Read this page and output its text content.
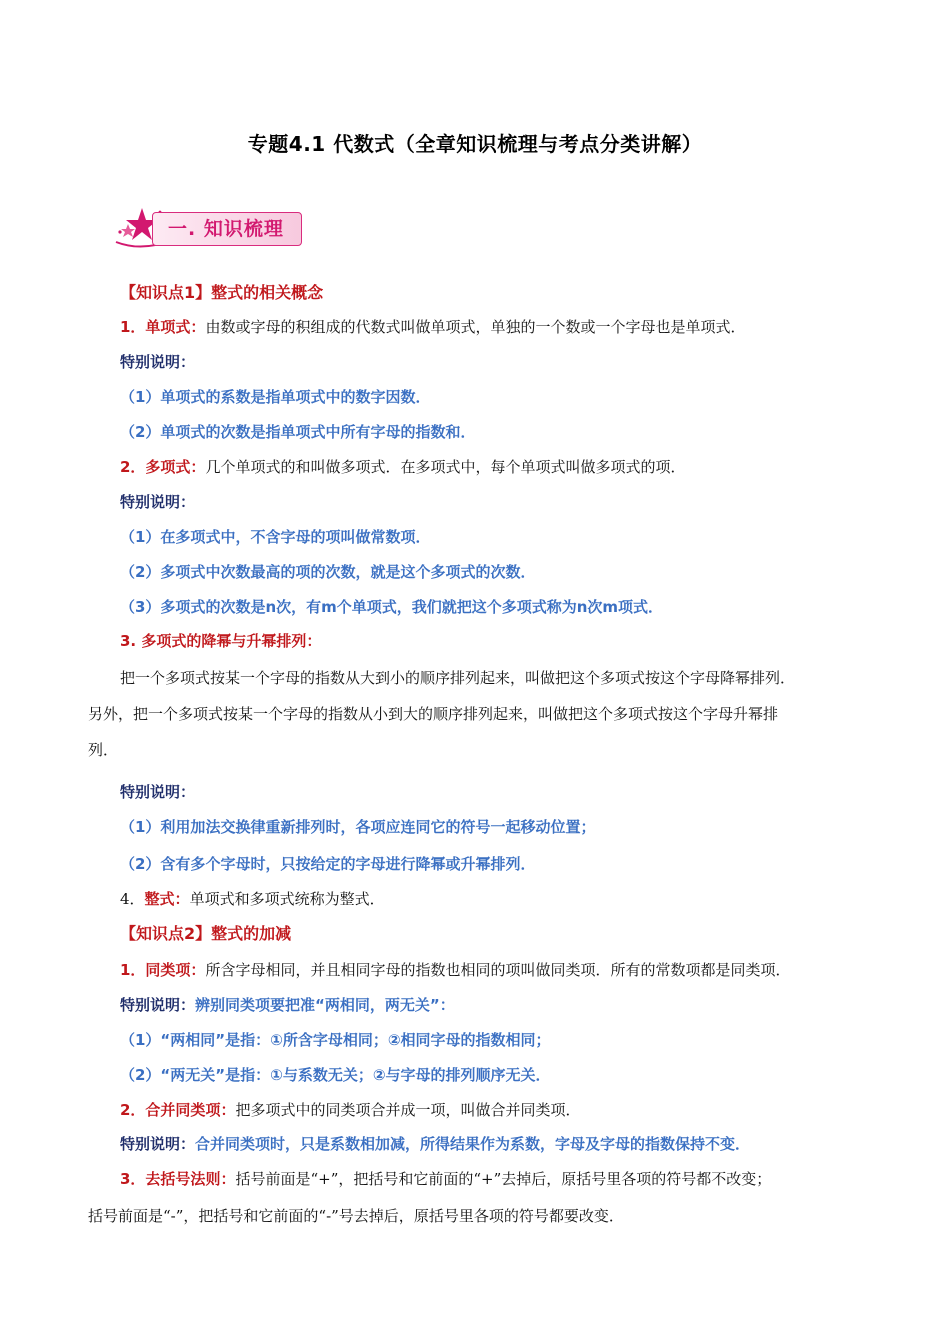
专题4.1 代数式（全章知识梳理与考点分类讲解）
一. 知识梳理
【知识点1】整式的相关概念
1．单项式：由数或字母的积组成的代数式叫做单项式，单独的一个数或一个字母也是单项式．
特别说明：
（1）单项式的系数是指单项式中的数字因数．
（2）单项式的次数是指单项式中所有字母的指数和．
2．多项式：几个单项式的和叫做多项式．在多项式中，每个单项式叫做多项式的项．
特别说明：
（1）在多项式中，不含字母的项叫做常数项．
（2）多项式中次数最高的项的次数，就是这个多项式的次数．
（3）多项式的次数是n次，有m个单项式，我们就把这个多项式称为n次m项式．
3. 多项式的降幂与升幂排列：
把一个多项式按某一个字母的指数从大到小的顺序排列起来，叫做把这个多项式按这个字母降幂排列．
另外，把一个多项式按某一个字母的指数从小到大的顺序排列起来，叫做把这个多项式按这个字母升幂排
列．
特别说明：
（1）利用加法交换律重新排列时，各项应连同它的符号一起移动位置；
（2）含有多个字母时，只按给定的字母进行降幂或升幂排列．
4．整式：单项式和多项式统称为整式．
【知识点2】整式的加减
1．同类项：所含字母相同，并且相同字母的指数也相同的项叫做同类项．所有的常数项都是同类项．
特别说明：辨别同类项要把准“两相同，两无关”：
（1）“两相同”是指：①所含字母相同；②相同字母的指数相同；
（2）“两无关”是指：①与系数无关；②与字母的排列顺序无关．
2．合并同类项：把多项式中的同类项合并成一项，叫做合并同类项．
特别说明：合并同类项时，只是系数相加减，所得结果作为系数，字母及字母的指数保持不变．
3．去括号法则：括号前面是“+”，把括号和它前面的“+”去掉后，原括号里各项的符号都不改变；
括号前面是“-”，把括号和它前面的“-”号去掉后，原括号里各项的符号都要改变．
